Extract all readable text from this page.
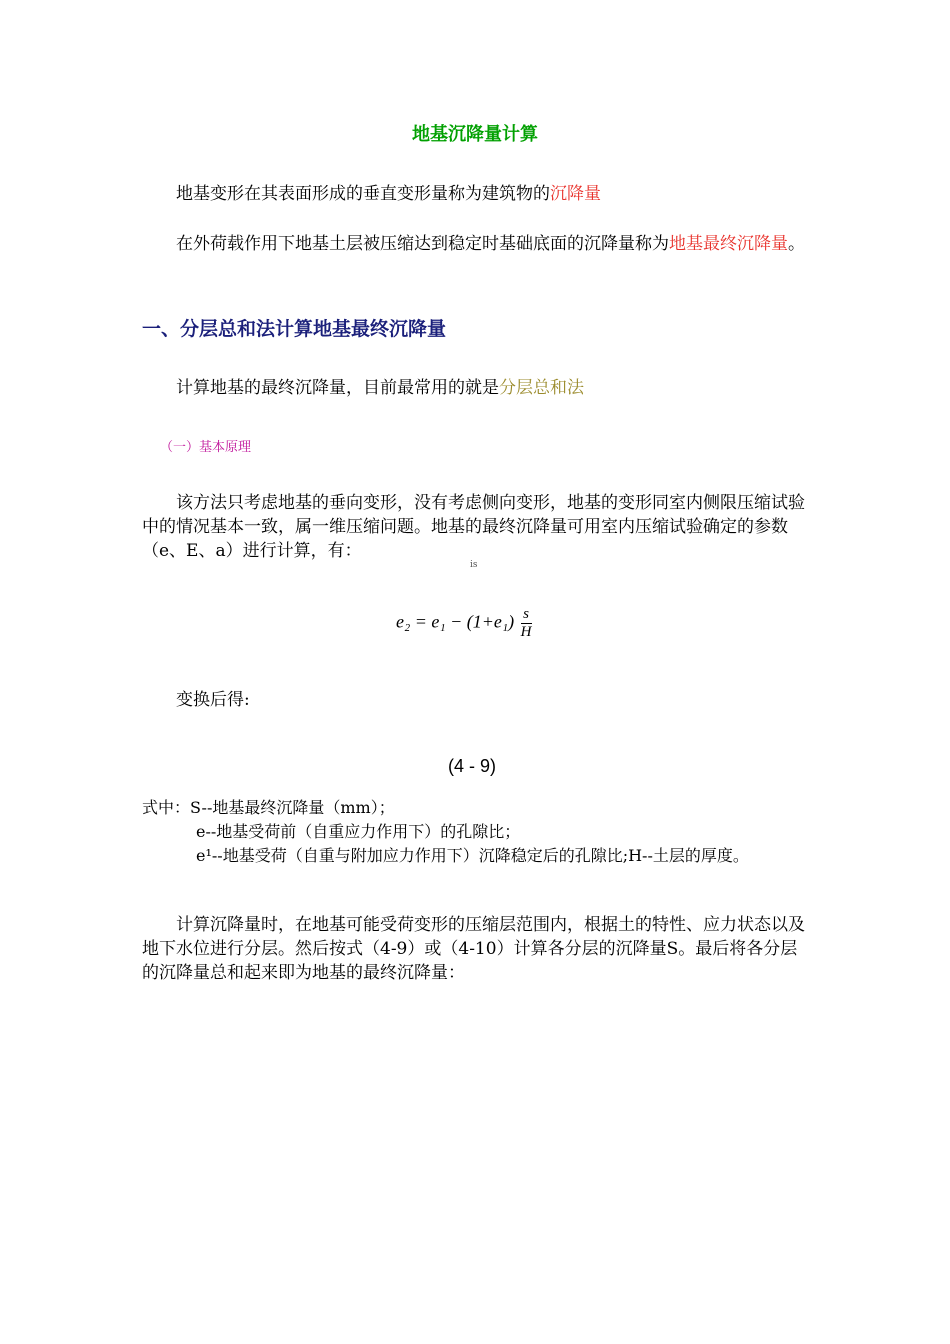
地基沉降量计算
地基变形在其表面形成的垂直变形量称为建筑物的沉降量
在外荷载作用下地基土层被压缩达到稳定时基础底面的沉降量称为地基最终沉降量。
一、分层总和法计算地基最终沉降量
计算地基的最终沉降量，目前最常用的就是分层总和法
（一）基本原理
该方法只考虑地基的垂向变形，没有考虑侧向变形，地基的变形同室内侧限压缩试验中的情况基本一致，属一维压缩问题。地基的最终沉降量可用室内压缩试验确定的参数（e、E、a）进行计算，有：
is
$e_2 = e_1 - (1+e_1) \frac{s}{H}$
变换后得:
(4 - 9)
式中：S--地基最终沉降量（mm）；
e--地基受荷前（自重应力作用下）的孔隙比；
e¹--地基受荷（自重与附加应力作用下）沉降稳定后的孔隙比;H--土层的厚度。
计算沉降量时，在地基可能受荷变形的压缩层范围内，根据土的特性、应力状态以及地下水位进行分层。然后按式（4-9）或（4-10）计算各分层的沉降量S。最后将各分层的沉降量总和起来即为地基的最终沉降量：
